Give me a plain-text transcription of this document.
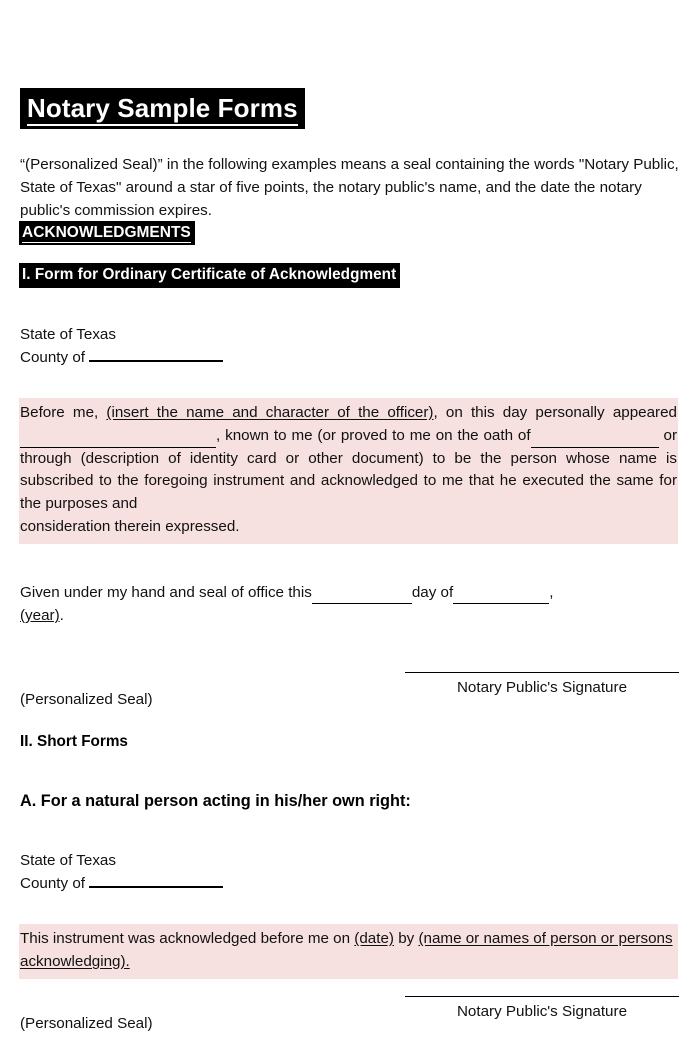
Notary Sample Forms

“(Personalized Seal)” in the following examples means a seal containing the words "Notary Public, State of Texas" around a star of five points, the notary public's name, and the date the notary public's commission expires.

ACKNOWLEDGMENTS
I. Form for Ordinary Certificate of Acknowledgment
State of Texas
County of
Before me, (insert the name and character of the officer), on this day personally appeared, known to me (or proved to me on the oath of	or through (description of identity card or other document) to be the person whose name is subscribed to the foregoing instrument and acknowledged to me that he executed the same for the purposes and
consideration therein expressed.

Given under my hand and seal of office this	day of	,
(year).

(Personalized Seal)
Notary Public's Signature
II. Short Forms
A. For a natural person acting in his/her own right:
State of Texas
County of
This instrument was acknowledged before me on (date) by (name or names of person or persons acknowledging).
(Personalized Seal)
Notary Public's Signature
